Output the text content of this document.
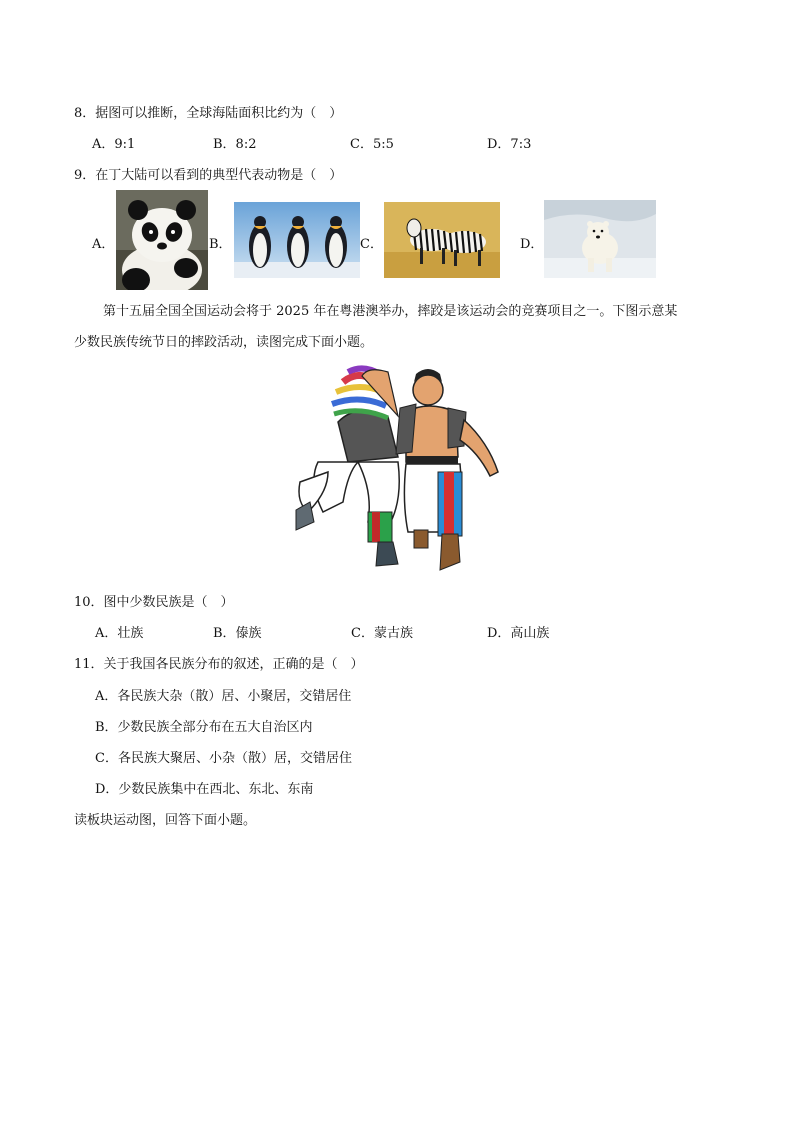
8．据图可以推断，全球海陆面积比约为（　）
A．9:1	B．8:2	C．5:5	D．7:3
9．在丁大陆可以看到的典型代表动物是（　）
A．	B．	C．	D．
第十五届全国全国运动会将于 2025 年在粤港澳举办，摔跤是该运动会的竞赛项目之一。下图示意某
少数民族传统节日的摔跤活动，读图完成下面小题。
10．图中少数民族是（　）
A．壮族	B．傣族	C．蒙古族	D．高山族
11．关于我国各民族分布的叙述，正确的是（　）
A．各民族大杂（散）居、小聚居，交错居住
B．少数民族全部分布在五大自治区内
C．各民族大聚居、小杂（散）居，交错居住
D．少数民族集中在西北、东北、东南
读板块运动图，回答下面小题。
